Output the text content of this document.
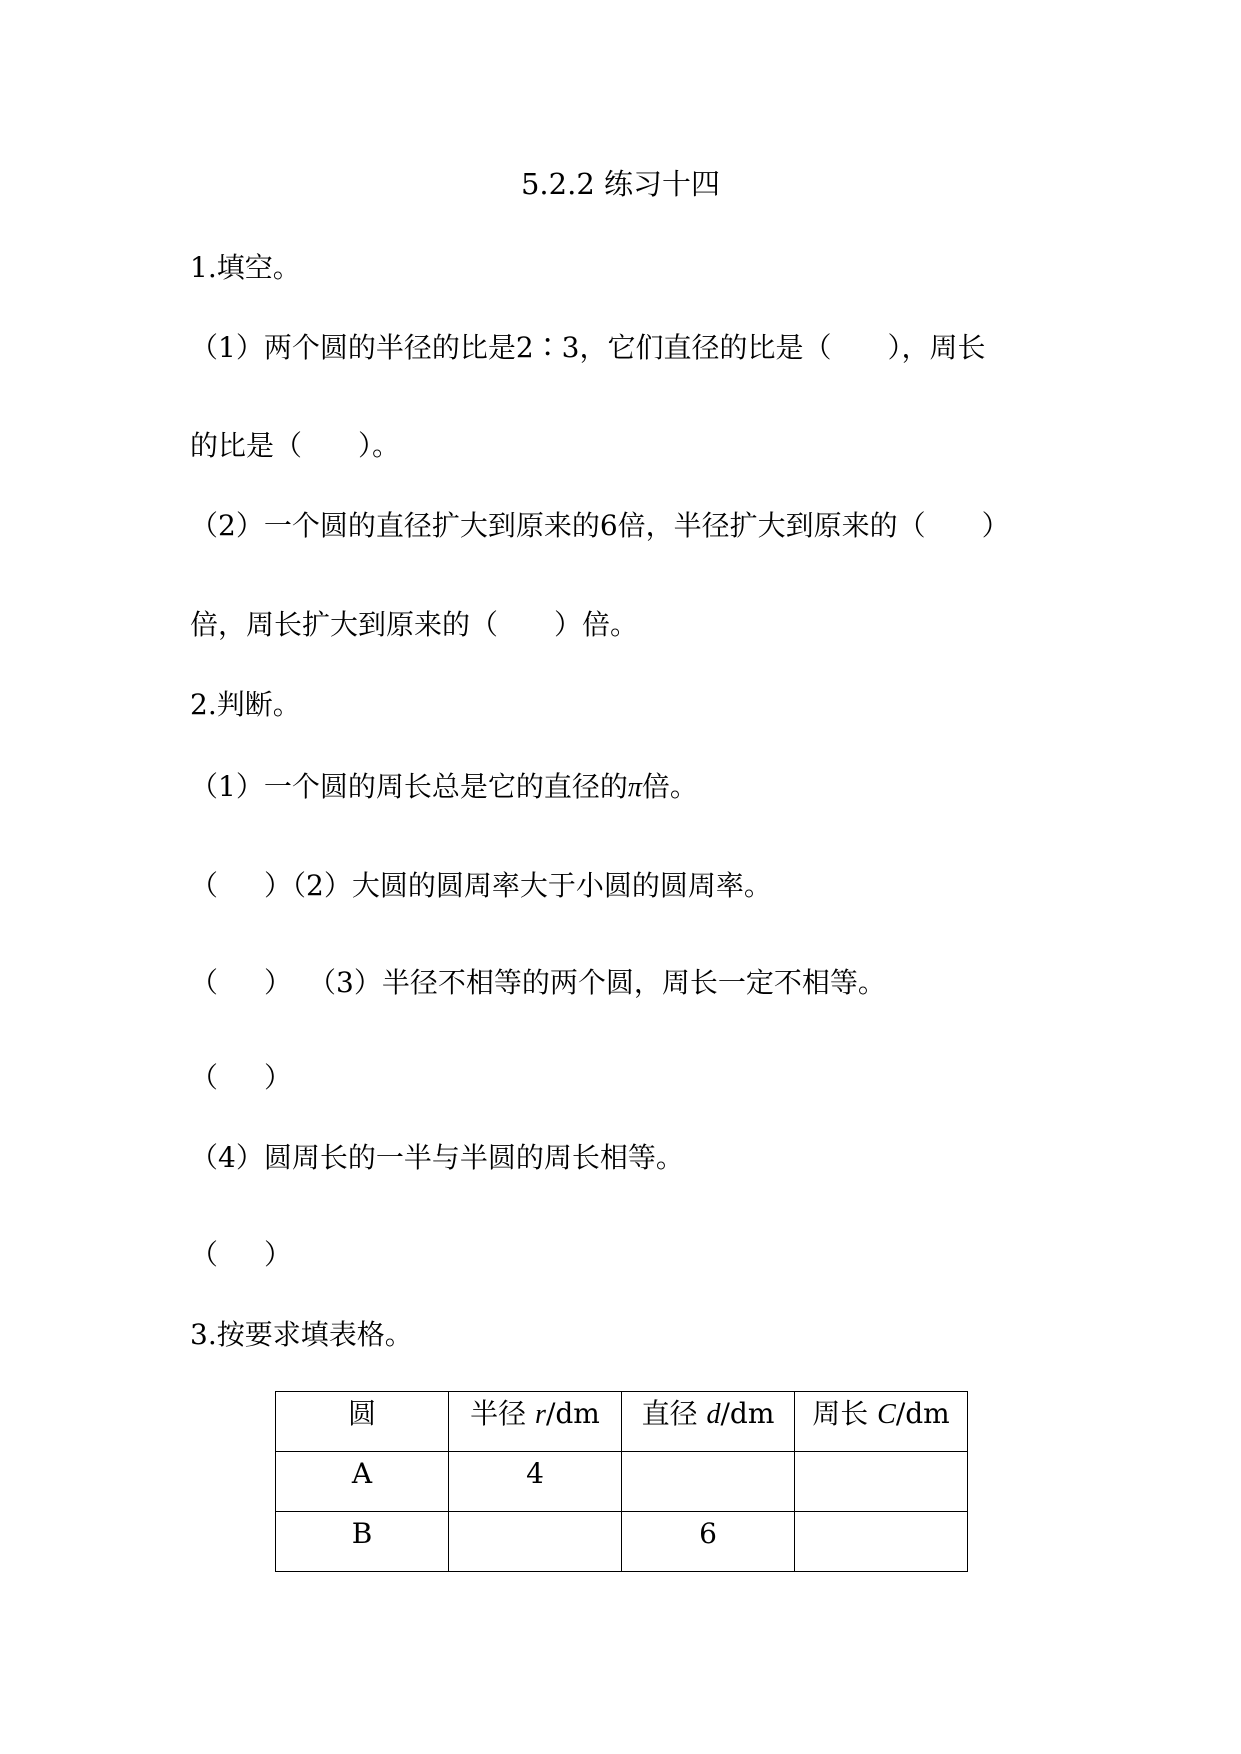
5.2.2 练习十四
1.填空。
（1）两个圆的半径的比是2∶3，它们直径的比是（ ），周长
的比是（ ）。
（2）一个圆的直径扩大到原来的6倍，半径扩大到原来的（ ）
倍，周长扩大到原来的（ ）倍。
2.判断。
（1）一个圆的周长总是它的直径的π倍。
（ ）（2）大圆的圆周率大于小圆的圆周率。
（ ） （3）半径不相等的两个圆，周长一定不相等。
（ ）
（4）圆周长的一半与半圆的周长相等。
（ ）
3.按要求填表格。
圆	半径 r/dm	直径 d/dm	周长 C/dm
A	4		
B		6	
